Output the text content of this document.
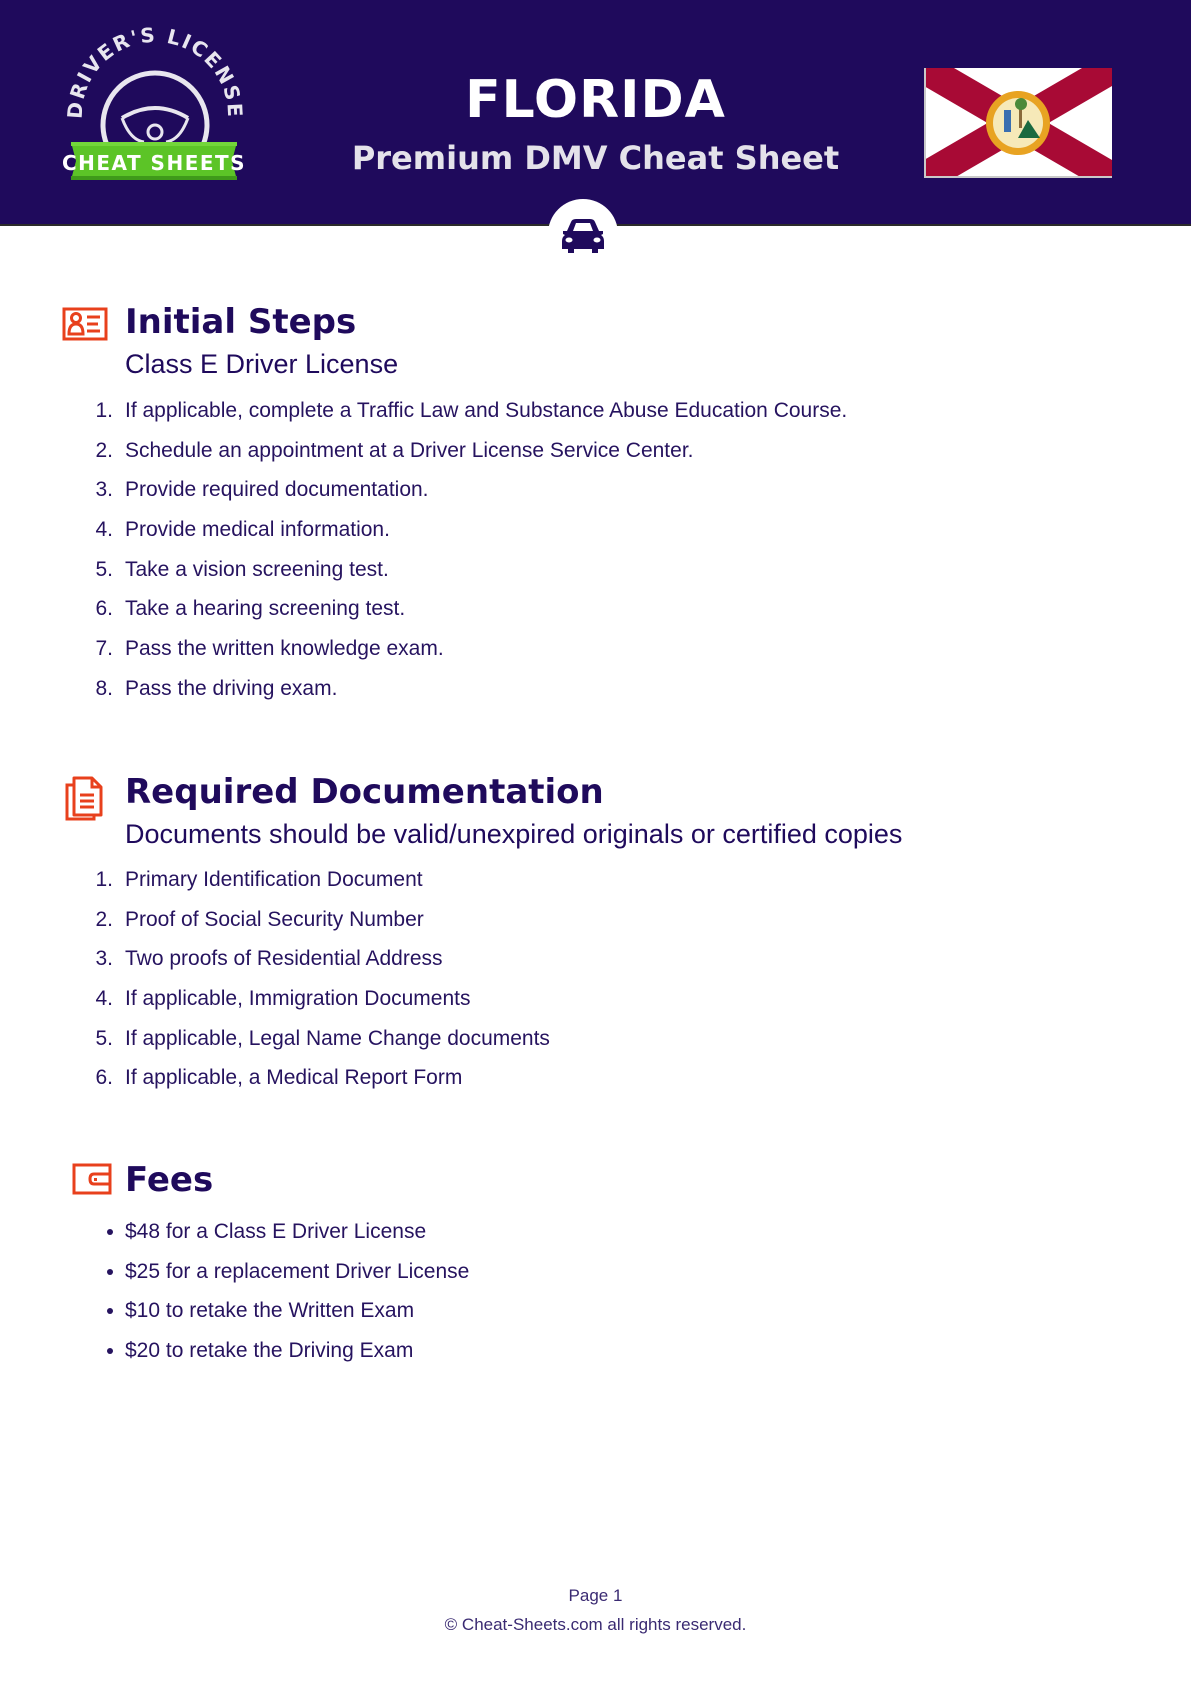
DRIVER'S LICENSE
CHEAT SHEETS
FLORIDA
Premium DMV Cheat Sheet
Initial Steps
Class E Driver License
1. If applicable, complete a Traffic Law and Substance Abuse Education Course.
2. Schedule an appointment at a Driver License Service Center.
3. Provide required documentation.
4. Provide medical information.
5. Take a vision screening test.
6. Take a hearing screening test.
7. Pass the written knowledge exam.
8. Pass the driving exam.
Required Documentation
Documents should be valid/unexpired originals or certified copies
1. Primary Identification Document
2. Proof of Social Security Number
3. Two proofs of Residential Address
4. If applicable, Immigration Documents
5. If applicable, Legal Name Change documents
6. If applicable, a Medical Report Form
Fees
$48 for a Class E Driver License
$25 for a replacement Driver License
$10 to retake the Written Exam
$20 to retake the Driving Exam
Page 1
© Cheat-Sheets.com all rights reserved.
